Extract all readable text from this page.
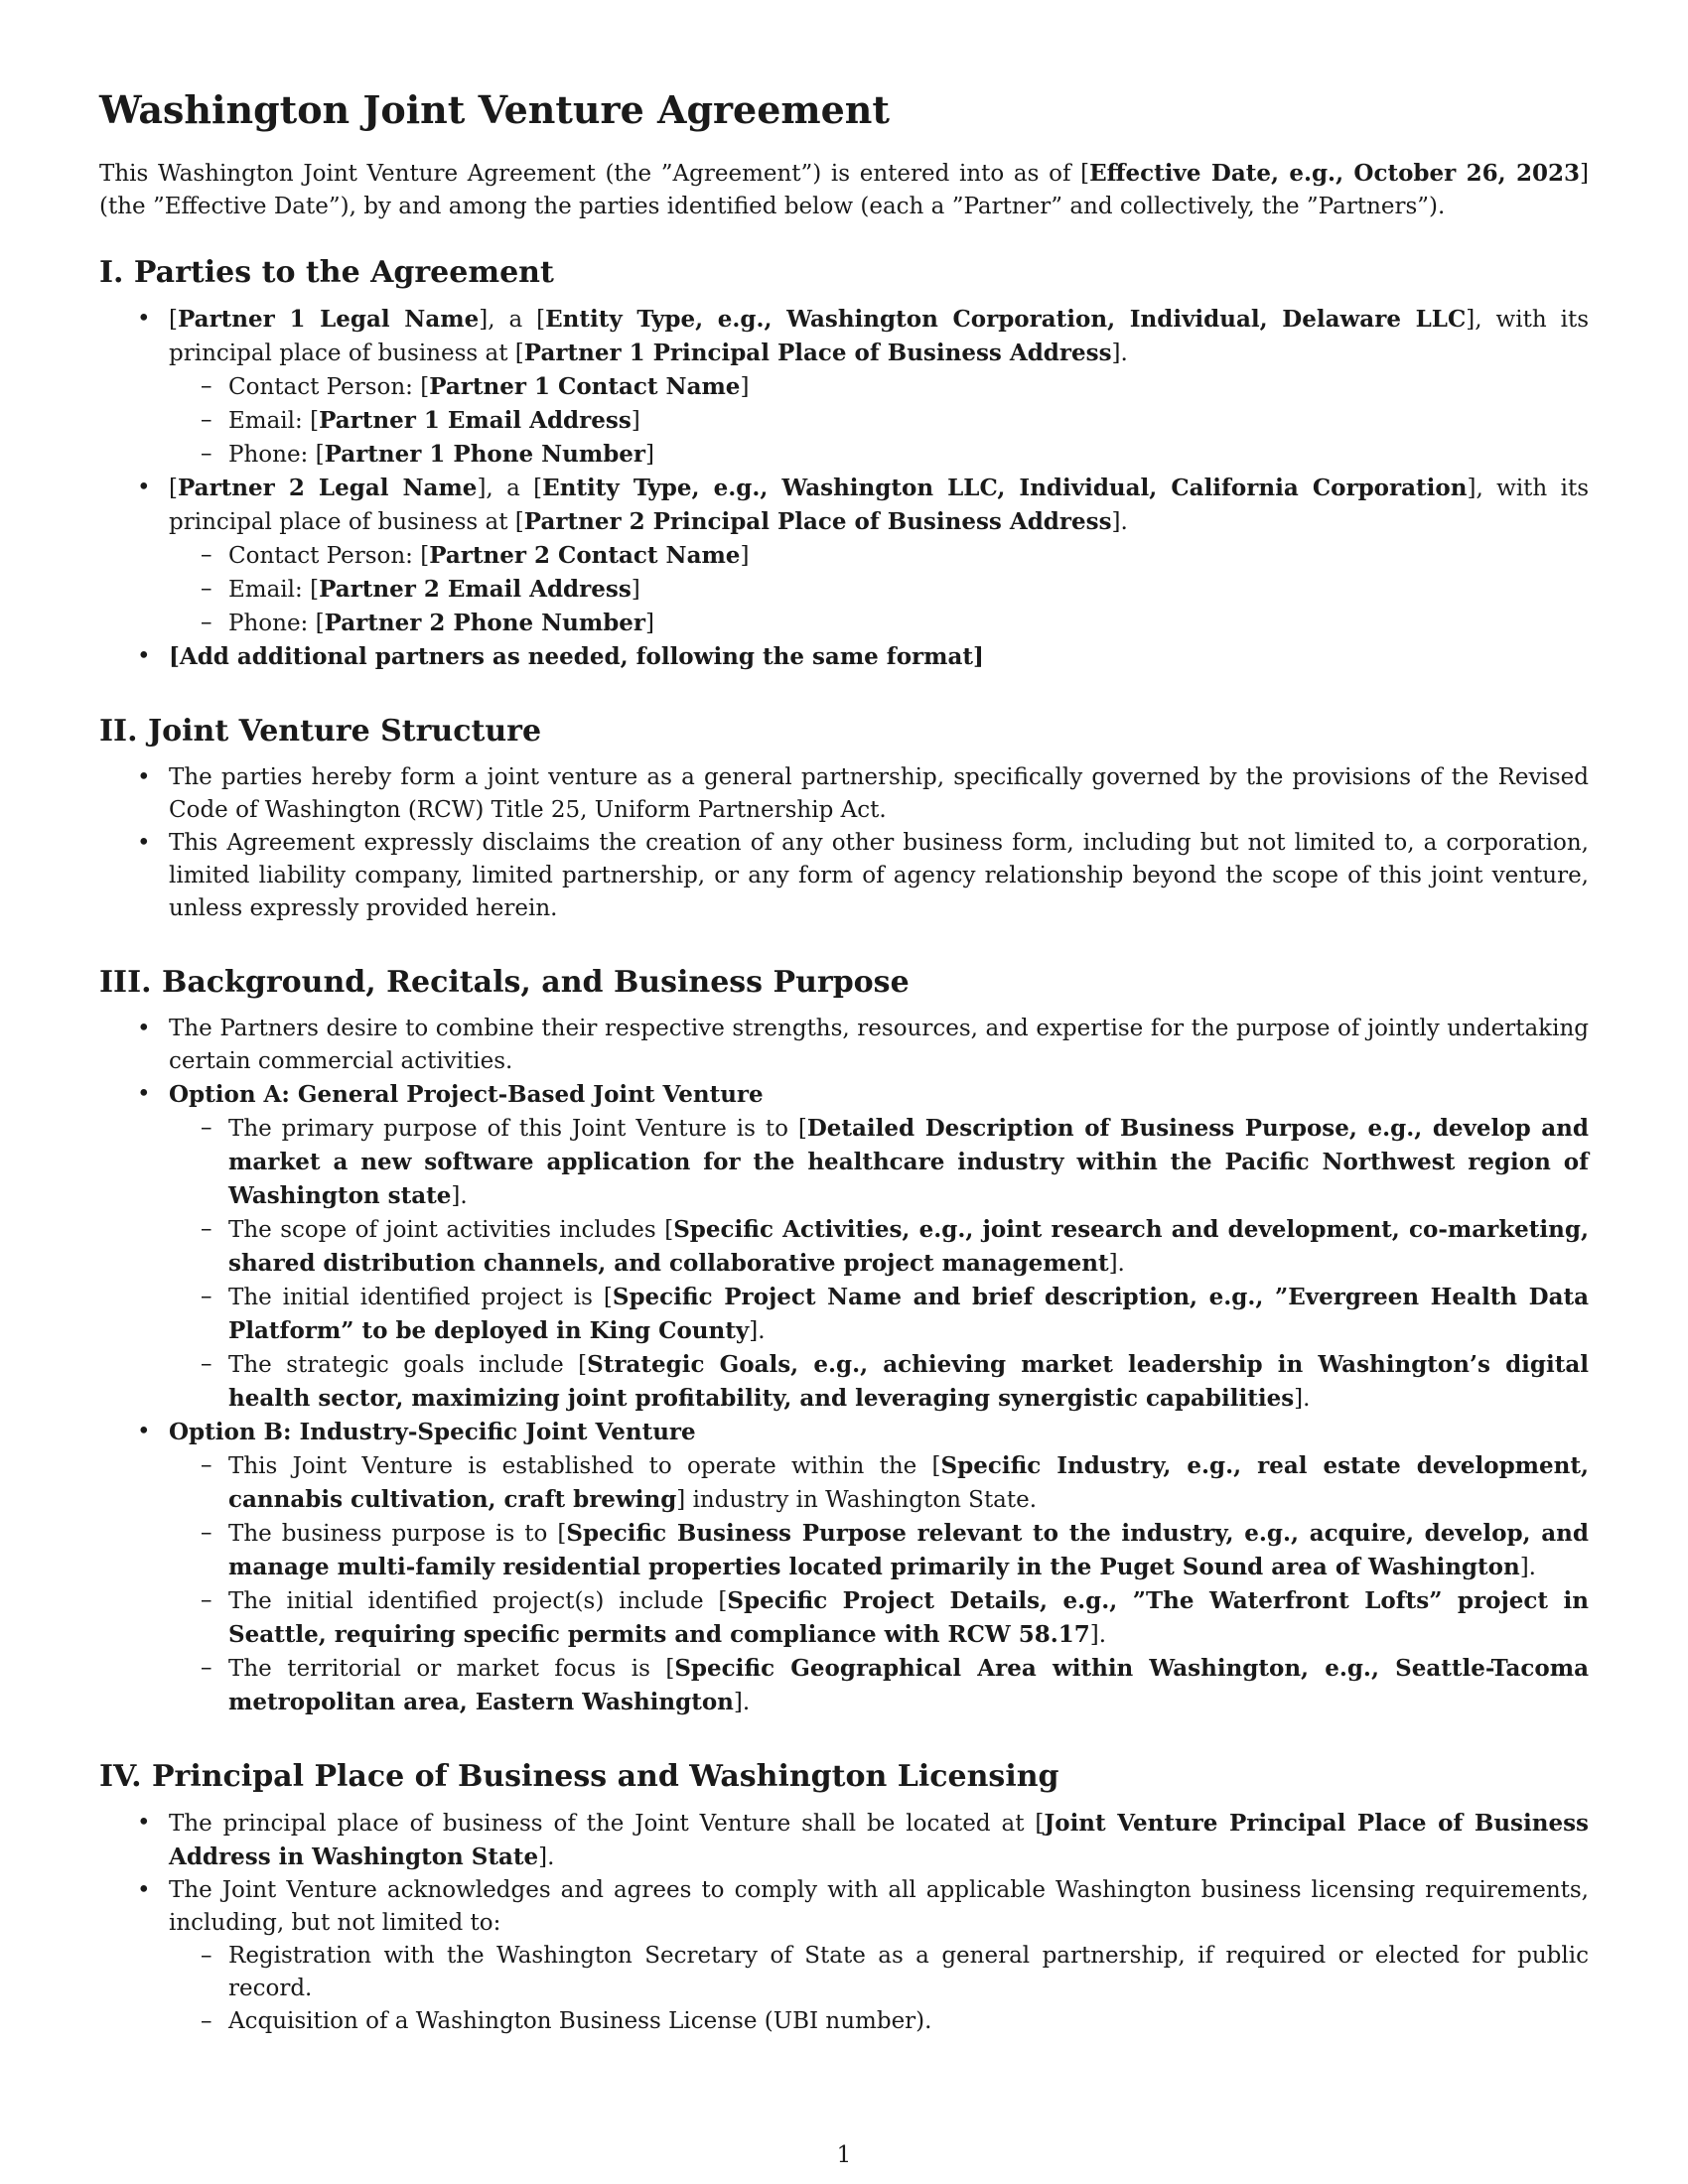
Washington Joint Venture Agreement

This Washington Joint Venture Agreement (the ”Agreement”) is entered into as of [Effective Date, e.g., October 26, 2023] (the ”Effective Date”), by and among the parties identified below (each a ”Partner” and collectively, the ”Partners”).

I. Parties to the Agreement
• [Partner 1 Legal Name], a [Entity Type, e.g., Washington Corporation, Individual, Delaware LLC], with its principal place of business at [Partner 1 Principal Place of Business Address].
– Contact Person: [Partner 1 Contact Name]
– Email: [Partner 1 Email Address]
– Phone: [Partner 1 Phone Number]
• [Partner 2 Legal Name], a [Entity Type, e.g., Washington LLC, Individual, California Corporation], with its principal place of business at [Partner 2 Principal Place of Business Address].
– Contact Person: [Partner 2 Contact Name]
– Email: [Partner 2 Email Address]
– Phone: [Partner 2 Phone Number]
• [Add additional partners as needed, following the same format]
II. Joint Venture Structure
• The parties hereby form a joint venture as a general partnership, specifically governed by the provisions of the Revised Code of Washington (RCW) Title 25, Uniform Partnership Act.
• This Agreement expressly disclaims the creation of any other business form, including but not limited to, a corporation, limited liability company, limited partnership, or any form of agency relationship beyond the scope of this joint venture, unless expressly provided herein.
III. Background, Recitals, and Business Purpose
• The Partners desire to combine their respective strengths, resources, and expertise for the purpose of jointly undertaking certain commercial activities.
• Option A: General Project-Based Joint Venture
– The primary purpose of this Joint Venture is to [Detailed Description of Business Purpose, e.g., develop and market a new software application for the healthcare industry within the Pacific Northwest region of Washington state].
– The scope of joint activities includes [Specific Activities, e.g., joint research and development, co-marketing, shared distribution channels, and collaborative project management].
– The initial identified project is [Specific Project Name and brief description, e.g., ”Evergreen Health Data Platform” to be deployed in King County].
– The strategic goals include [Strategic Goals, e.g., achieving market leadership in Washington’s digital health sector, maximizing joint profitability, and leveraging synergistic capabilities].
• Option B: Industry-Specific Joint Venture
– This Joint Venture is established to operate within the [Specific Industry, e.g., real estate development, cannabis cultivation, craft brewing] industry in Washington State.
– The business purpose is to [Specific Business Purpose relevant to the industry, e.g., acquire, develop, and manage multi-family residential properties located primarily in the Puget Sound area of Washington].
– The initial identified project(s) include [Specific Project Details, e.g., ”The Waterfront Lofts” project in Seattle, requiring specific permits and compliance with RCW 58.17].
– The territorial or market focus is [Specific Geographical Area within Washington, e.g., Seattle-Tacoma metropolitan area, Eastern Washington].
IV. Principal Place of Business and Washington Licensing
• The principal place of business of the Joint Venture shall be located at [Joint Venture Principal Place of Business Address in Washington State].
• The Joint Venture acknowledges and agrees to comply with all applicable Washington business licensing requirements, including, but not limited to:
– Registration with the Washington Secretary of State as a general partnership, if required or elected for public record.
– Acquisition of a Washington Business License (UBI number).
1
